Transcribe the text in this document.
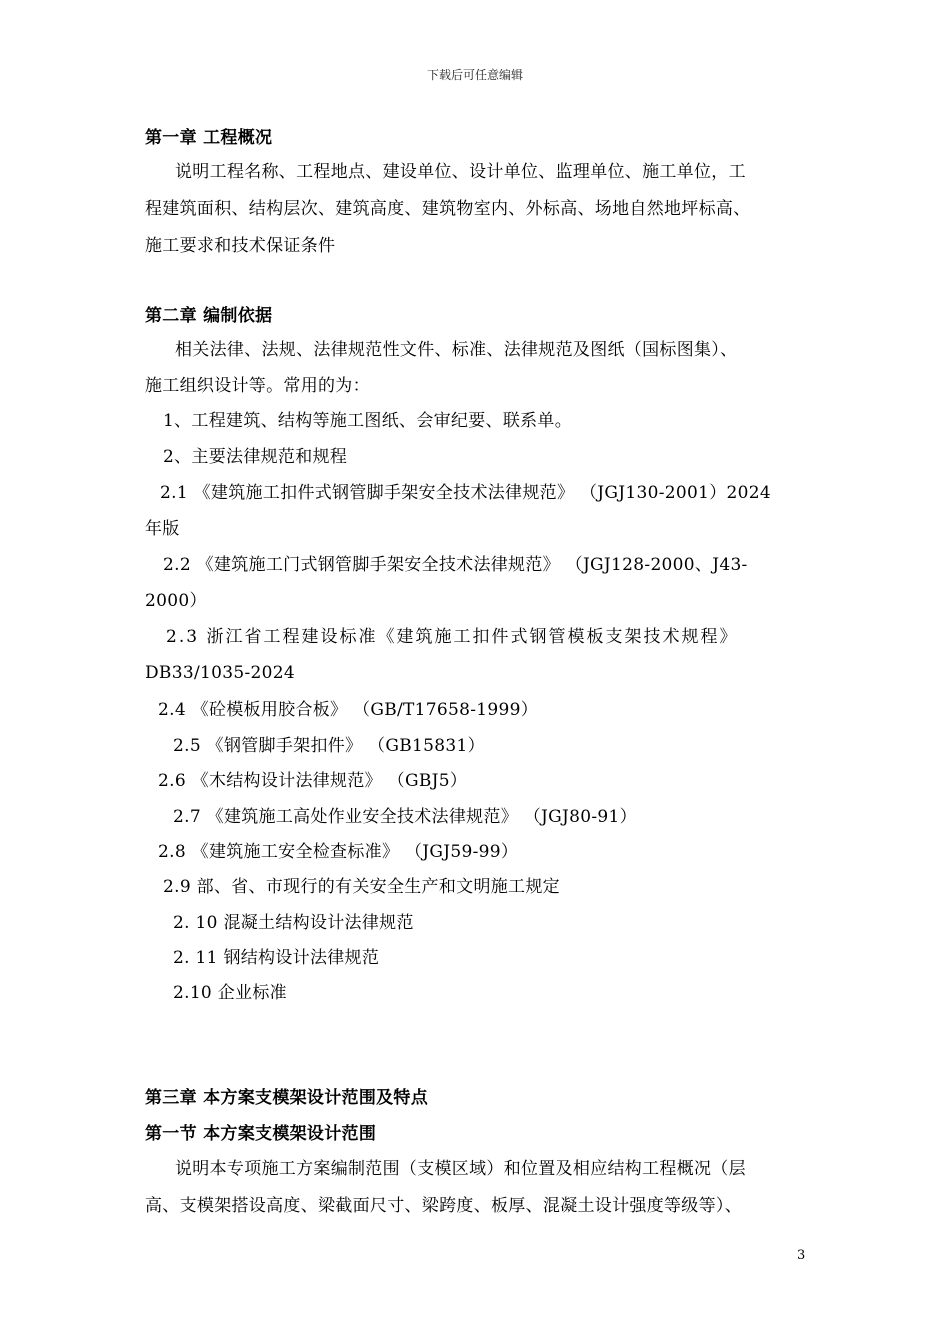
下载后可任意编辑
第一章 工程概况
说明工程名称、工程地点、建设单位、设计单位、监理单位、施工单位，工
程建筑面积、结构层次、建筑高度、建筑物室内、外标高、场地自然地坪标高、
施工要求和技术保证条件
第二章 编制依据
相关法律、法规、法律规范性文件、标准、法律规范及图纸（国标图集）、
施工组织设计等。常用的为：
1、工程建筑、结构等施工图纸、会审纪要、联系单。
2、主要法律规范和规程
2.1 《建筑施工扣件式钢管脚手架安全技术法律规范》 （JGJ130-2001）2024
年版
2.2 《建筑施工门式钢管脚手架安全技术法律规范》 （JGJ128-2000、J43-
2000）
2.3 浙江省工程建设标准《建筑施工扣件式钢管模板支架技术规程》
DB33/1035-2024
2.4 《砼模板用胶合板》 （GB/T17658-1999）
2.5 《钢管脚手架扣件》 （GB15831）
2.6 《木结构设计法律规范》 （GBJ5）
2.7 《建筑施工高处作业安全技术法律规范》 （JGJ80-91）
2.8 《建筑施工安全检查标准》 （JGJ59-99）
2.9 部、省、市现行的有关安全生产和文明施工规定
2. 10 混凝土结构设计法律规范
2. 11 钢结构设计法律规范
2.10 企业标准
第三章 本方案支模架设计范围及特点
第一节 本方案支模架设计范围
说明本专项施工方案编制范围（支模区域）和位置及相应结构工程概况（层
高、支模架搭设高度、梁截面尺寸、梁跨度、板厚、混凝土设计强度等级等）、
3
